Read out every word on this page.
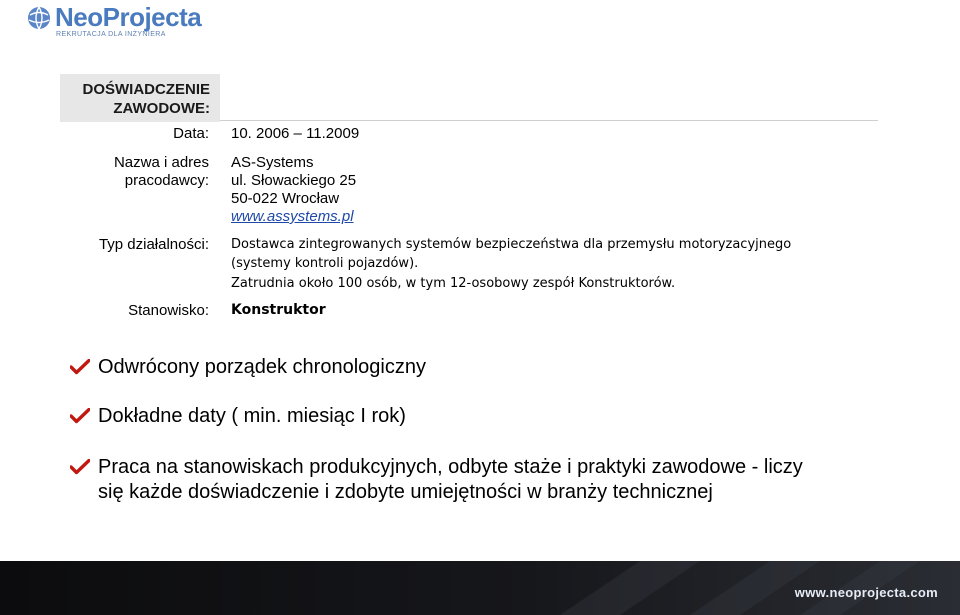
NeoProjecta
REKRUTACJA DLA INŻYNIERA
DOŚWIADCZENIE
ZAWODOWE:
Data: 10. 2006 – 11.2009
Nazwa i adres
pracodawcy:
AS-Systems
ul. Słowackiego 25
50-022 Wrocław
www.assystems.pl
Typ działalności: Dostawca zintegrowanych systemów bezpieczeństwa dla przemysłu motoryzacyjnego
(systemy kontroli pojazdów).
Zatrudnia około 100 osób, w tym 12-osobowy zespół Konstruktorów.
Stanowisko: Konstruktor
Odwrócony porządek chronologiczny
Dokładne daty ( min. miesiąc I rok)
Praca na stanowiskach produkcyjnych, odbyte staże i praktyki zawodowe - liczy
się każde doświadczenie i zdobyte umiejętności w branży technicznej
www.neoprojecta.com
